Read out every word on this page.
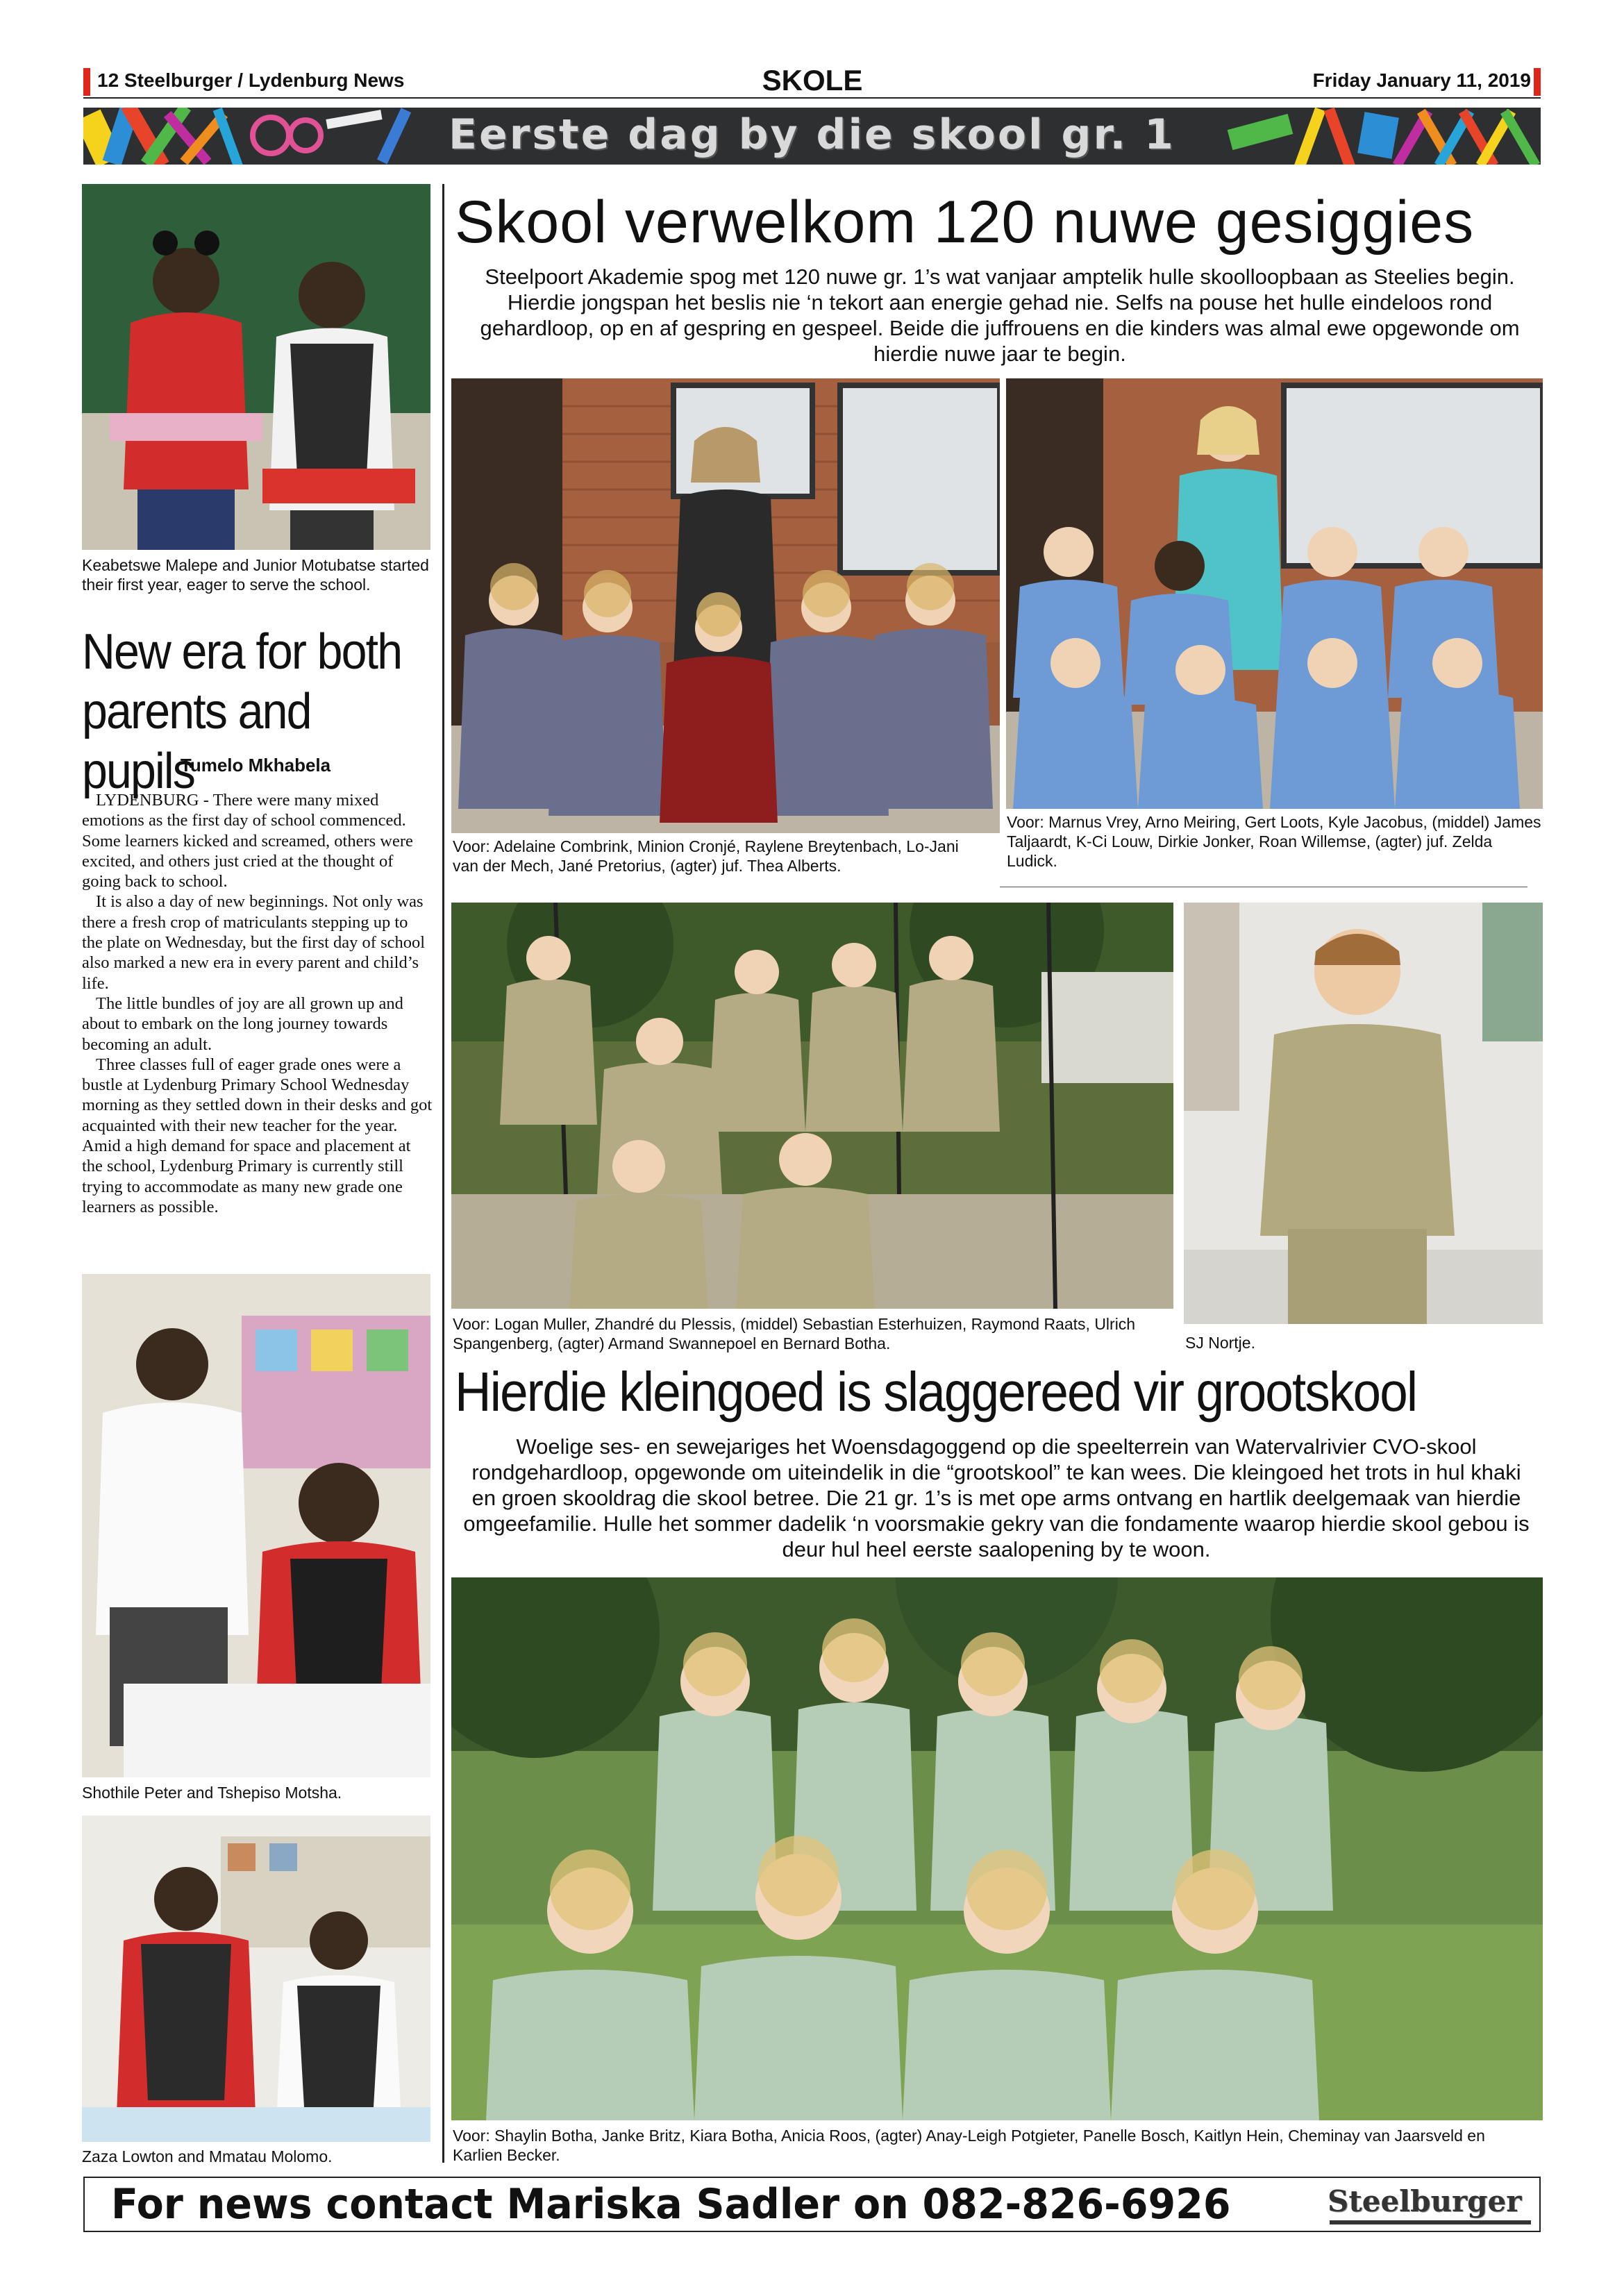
12 Steelburger / Lydenburg News	SKOLE	Friday January 11, 2019
Eerste dag by die skool gr. 1
Keabetswe Malepe and Junior Motubatse started their first year, eager to serve the school.
New era for both parents and pupils
Tumelo Mkhabela

LYDENBURG - There were many mixed emotions as the first day of school commenced. Some learners kicked and screamed, others were excited, and others just cried at the thought of going back to school.

It is also a day of new beginnings. Not only was there a fresh crop of matriculants stepping up to the plate on Wednesday, but the first day of school also marked a new era in every parent and child’s life.

The little bundles of joy are all grown up and about to embark on the long journey towards becoming an adult.

Three classes full of eager grade ones were a bustle at Lydenburg Primary School Wednesday morning as they settled down in their desks and got acquainted with their new teacher for the year. Amid a high demand for space and placement at the school, Lydenburg Primary is currently still trying to accommodate as many new grade one learners as possible.

Shothile Peter and Tshepiso Motsha.
Zaza Lowton and Mmatau Molomo.
Skool verwelkom 120 nuwe gesiggies
Steelpoort Akademie spog met 120 nuwe gr. 1’s wat vanjaar amptelik hulle skoolloopbaan as Steelies begin. Hierdie jongspan het beslis nie ‘n tekort aan energie gehad nie. Selfs na pouse het hulle eindeloos rond gehardloop, op en af gespring en gespeel. Beide die juffrouens en die kinders was almal ewe opgewonde om hierdie nuwe jaar te begin.
Voor: Adelaine Combrink, Minion Cronjé, Raylene Breytenbach, Lo-Jani van der Mech, Jané Pretorius, (agter) juf. Thea Alberts.
Voor: Marnus Vrey, Arno Meiring, Gert Loots, Kyle Jacobus, (middel) James Taljaardt, K-Ci Louw, Dirkie Jonker, Roan Willemse, (agter) juf. Zelda Ludick.
Voor: Logan Muller, Zhandré du Plessis, (middel) Sebastian Esterhuizen, Raymond Raats, Ulrich Spangenberg, (agter) Armand Swannepoel en Bernard Botha.	SJ Nortje.
Hierdie kleingoed is slaggereed vir grootskool
Woelige ses- en sewejariges het Woensdagoggend op die speelterrein van Watervalrivier CVO-skool rondgehardloop, opgewonde om uiteindelik in die “grootskool” te kan wees. Die kleingoed het trots in hul khaki en groen skooldrag die skool betree. Die 21 gr. 1’s is met ope arms ontvang en hartlik deelgemaak van hierdie omgeefamilie. Hulle het sommer dadelik ‘n voorsmakie gekry van die fondamente waarop hierdie skool gebou is deur hul heel eerste saalopening by te woon.
Voor: Shaylin Botha, Janke Britz, Kiara Botha, Anicia Roos, (agter) Anay-Leigh Potgieter, Panelle Bosch, Kaitlyn Hein, Cheminay van Jaarsveld en Karlien Becker.
For news contact Mariska Sadler on 082-826-6926	Steelburger
